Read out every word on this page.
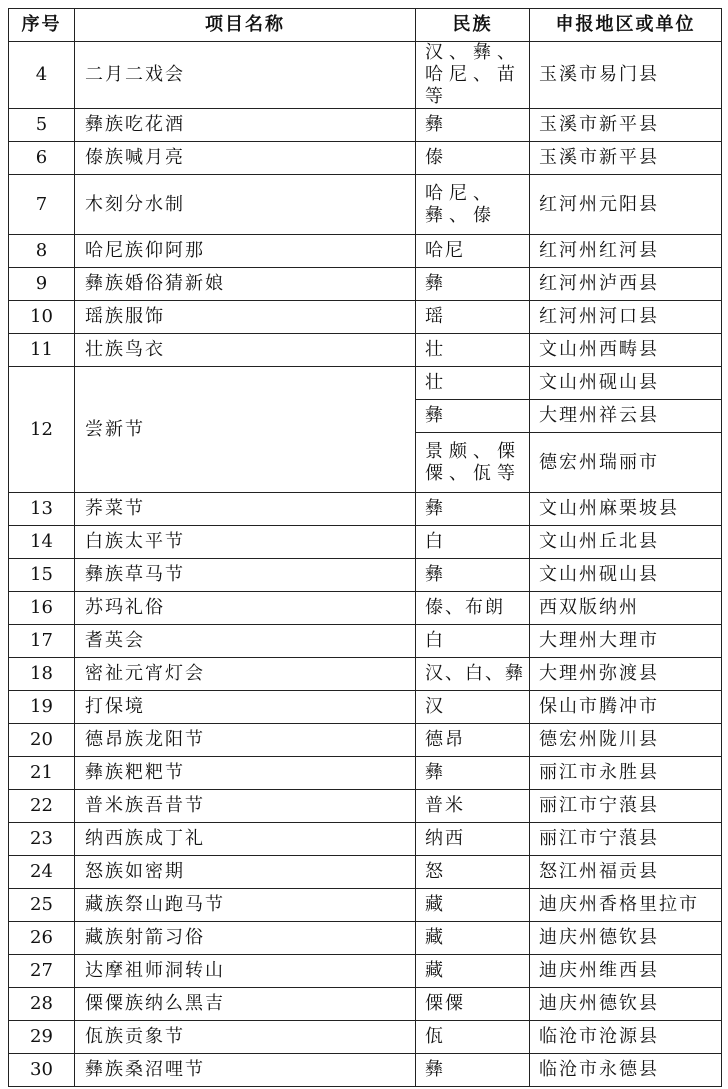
序号	项目名称	民族	申报地区或单位
4	二月二戏会	汉、彝、哈尼、苗等	玉溪市易门县
5	彝族吃花酒	彝	玉溪市新平县
6	傣族喊月亮	傣	玉溪市新平县
7	木刻分水制	哈尼、彝、傣	红河州元阳县
8	哈尼族仰阿那	哈尼	红河州红河县
9	彝族婚俗猜新娘	彝	红河州泸西县
10	瑶族服饰	瑶	红河州河口县
11	壮族鸟衣	壮	文山州西畴县
12	尝新节	壮	文山州砚山县
		彝	大理州祥云县
		景颇、傈僳、佤等	德宏州瑞丽市
13	荞菜节	彝	文山州麻栗坡县
14	白族太平节	白	文山州丘北县
15	彝族草马节	彝	文山州砚山县
16	苏玛礼俗	傣、布朗	西双版纳州
17	耆英会	白	大理州大理市
18	密祉元宵灯会	汉、白、彝	大理州弥渡县
19	打保境	汉	保山市腾冲市
20	德昂族龙阳节	德昂	德宏州陇川县
21	彝族粑粑节	彝	丽江市永胜县
22	普米族吾昔节	普米	丽江市宁蒗县
23	纳西族成丁礼	纳西	丽江市宁蒗县
24	怒族如密期	怒	怒江州福贡县
25	藏族祭山跑马节	藏	迪庆州香格里拉市
26	藏族射箭习俗	藏	迪庆州德钦县
27	达摩祖师洞转山	藏	迪庆州维西县
28	傈僳族纳么黑吉	傈僳	迪庆州德钦县
29	佤族贡象节	佤	临沧市沧源县
30	彝族桑沼哩节	彝	临沧市永德县
